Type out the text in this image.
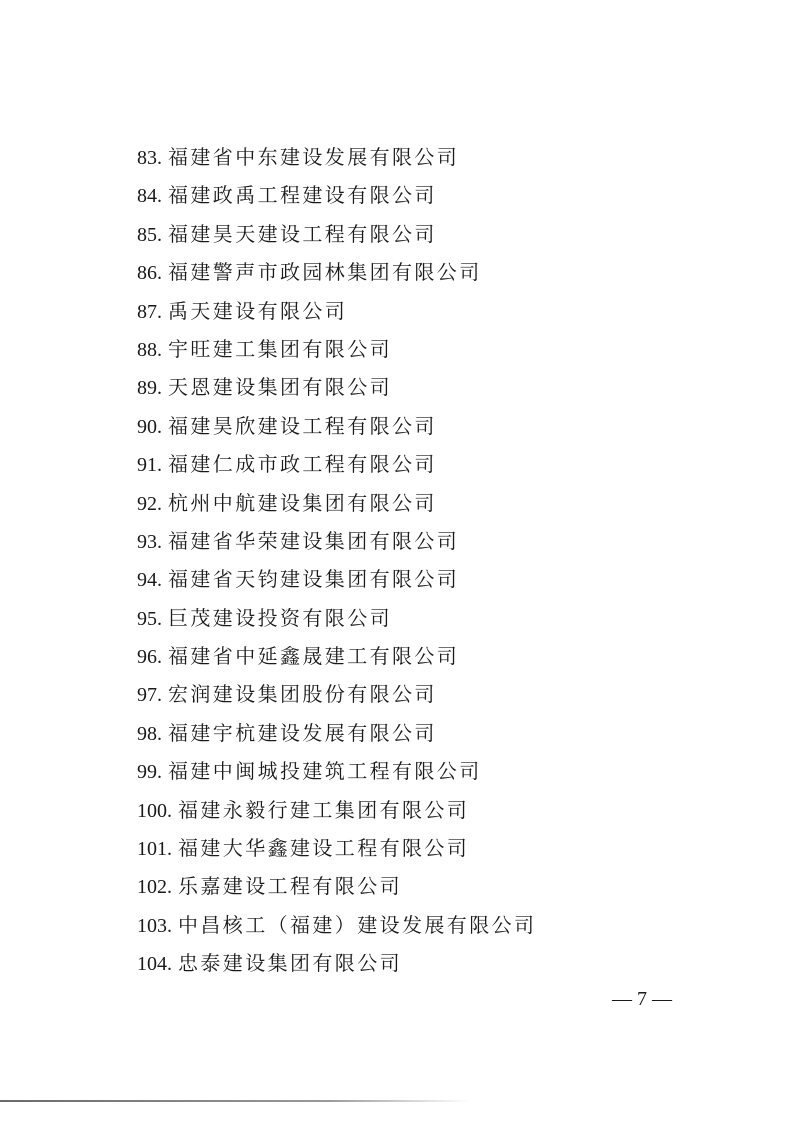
83. 福建省中东建设发展有限公司
84. 福建政禹工程建设有限公司
85. 福建昊天建设工程有限公司
86. 福建警声市政园林集团有限公司
87. 禹天建设有限公司
88. 宇旺建工集团有限公司
89. 天恩建设集团有限公司
90. 福建昊欣建设工程有限公司
91. 福建仁成市政工程有限公司
92. 杭州中航建设集团有限公司
93. 福建省华荣建设集团有限公司
94. 福建省天钧建设集团有限公司
95. 巨茂建设投资有限公司
96. 福建省中延鑫晟建工有限公司
97. 宏润建设集团股份有限公司
98. 福建宇杭建设发展有限公司
99. 福建中闽城投建筑工程有限公司
100. 福建永毅行建工集团有限公司
101. 福建大华鑫建设工程有限公司
102. 乐嘉建设工程有限公司
103. 中昌核工（福建）建设发展有限公司
104. 忠泰建设集团有限公司
— 7 —
